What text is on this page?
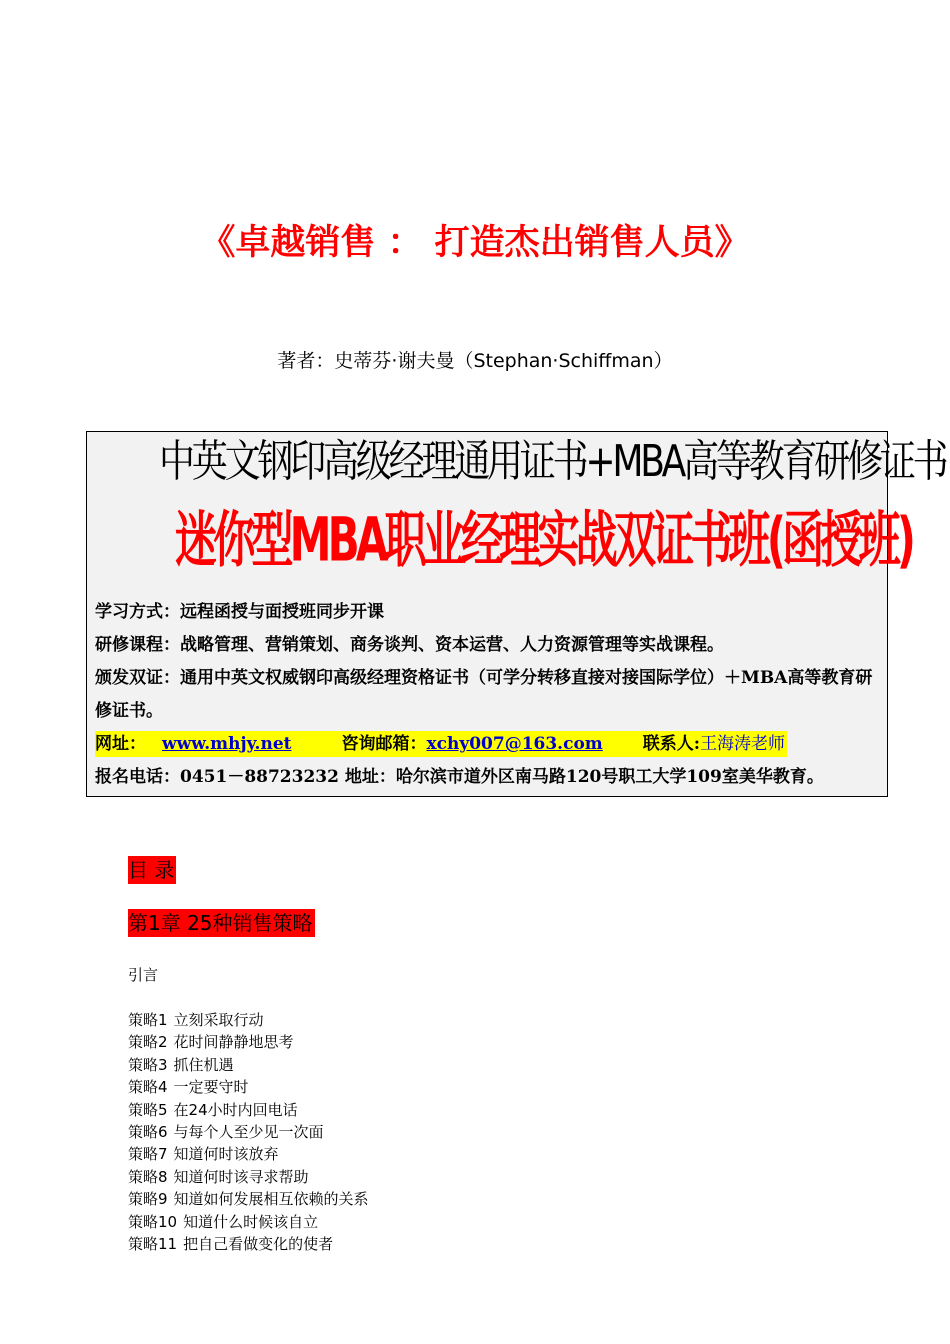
《卓越销售 ： 打造杰出销售人员》
著者：史蒂芬·谢夫曼（Stephan·Schiffman）
中英文钢印高级经理通用证书+MBA高等教育研修证书
迷你型MBA职业经理实战双证书班(函授班)
学习方式：远程函授与面授班同步开课
研修课程：战略管理、营销策划、商务谈判、资本运营、人力资源管理等实战课程。
颁发双证：通用中英文权威钢印高级经理资格证书（可学分转移直接对接国际学位）＋MBA高等教育研修证书。
网址： www.mhjy.net	咨询邮箱：xchy007@163.com 联系人:王海涛老师
报名电话：0451－88723232 地址：哈尔滨市道外区南马路120号职工大学109室美华教育。
目 录
第1章 25种销售策略
引言
策略1 立刻采取行动
策略2 花时间静静地思考
策略3 抓住机遇
策略4 一定要守时
策略5 在24小时内回电话
策略6 与每个人至少见一次面
策略7 知道何时该放弃
策略8 知道何时该寻求帮助
策略9 知道如何发展相互依赖的关系
策略10 知道什么时候该自立
策略11 把自己看做变化的使者
